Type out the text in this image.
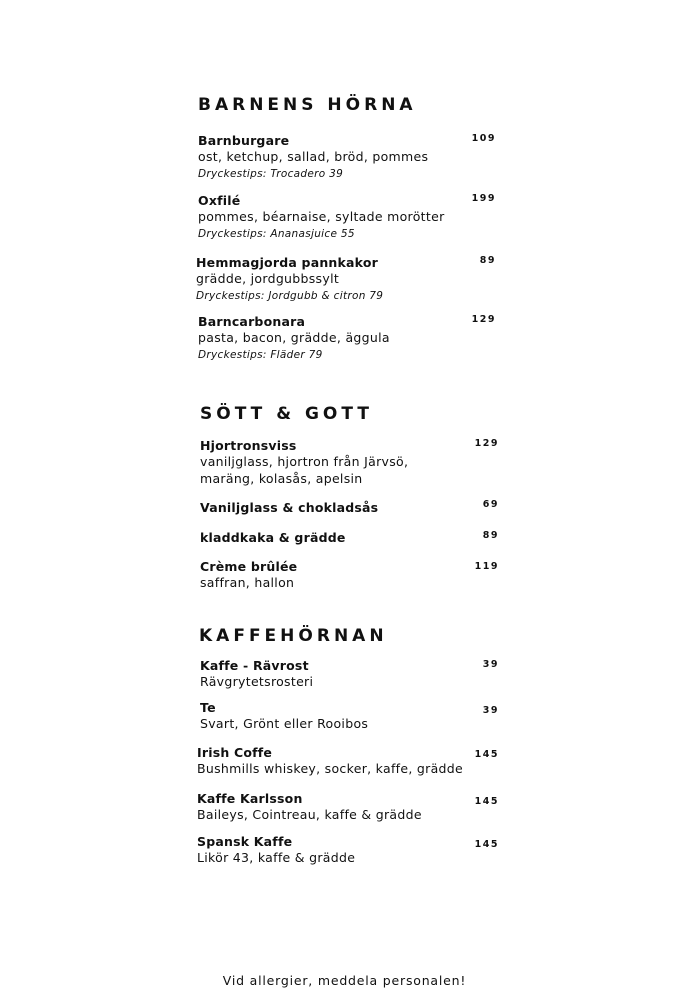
BARNENS HÖRNA
Barnburgare
ost, ketchup, sallad, bröd, pommes
Dryckestips: Trocadero 39
109
Oxfilé
pommes, béarnaise, syltade morötter
Dryckestips: Ananasjuice 55
199
Hemmagjorda pannkakor
grädde, jordgubbssylt
Dryckestips: Jordgubb & citron 79
89
Barncarbonara
pasta, bacon, grädde, äggula
Dryckestips: Fläder 79
129
SÖTT & GOTT
Hjortronsviss
vaniljglass, hjortron från Järvsö,
maräng, kolasås, apelsin
129
Vaniljglass & chokladsås	69
kladdkaka & grädde	89
Crème brûlée
saffran, hallon
119
KAFFEHÖRNAN
Kaffe - Rävrost
Rävgrytetsrosteri
39
Te
Svart, Grönt eller Rooibos
39
Irish Coffe
Bushmills whiskey, socker, kaffe, grädde
145
Kaffe Karlsson
Baileys, Cointreau, kaffe & grädde
145
Spansk Kaffe
Likör 43, kaffe & grädde
145
Vid allergier, meddela personalen!
